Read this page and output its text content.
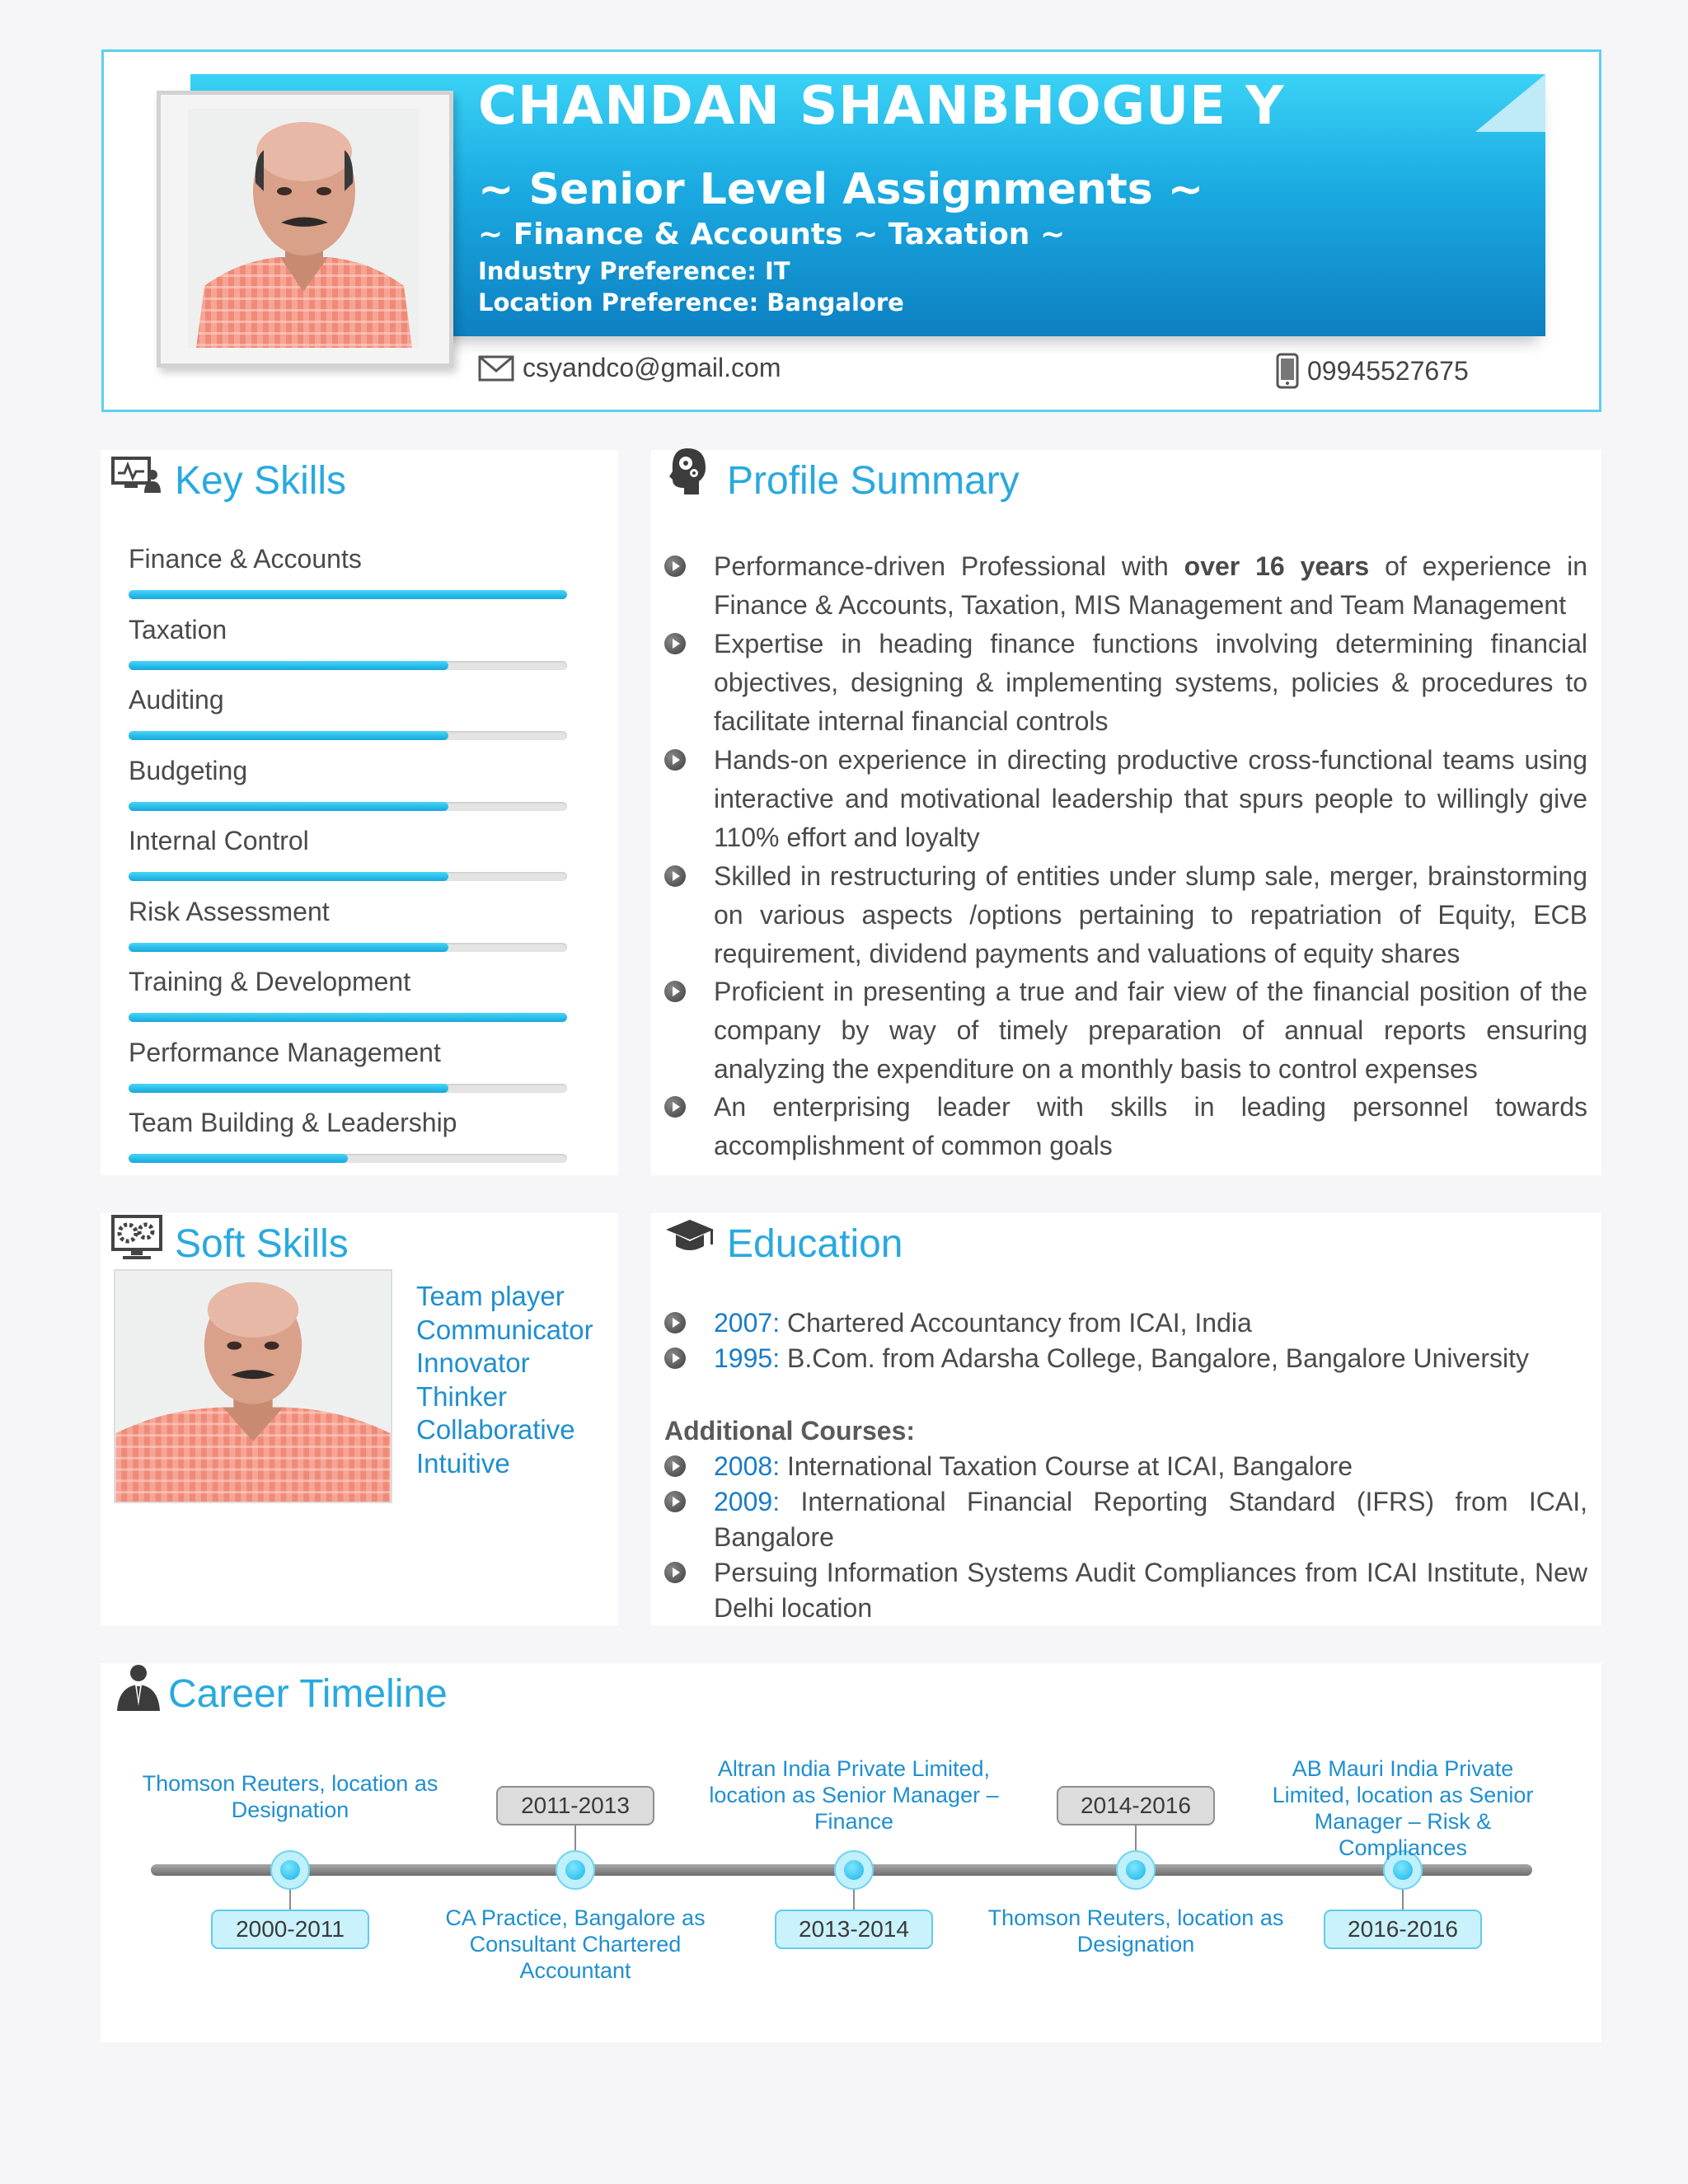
CHANDAN SHANBHOGUE Y
~ Senior Level Assignments ~
~ Finance & Accounts ~ Taxation ~
Industry Preference: IT
Location Preference: Bangalore
csyandco@gmail.com	09945527675
Key Skills
Finance & Accounts
Taxation
Auditing
Budgeting
Internal Control
Risk Assessment
Training & Development
Performance Management
Team Building & Leadership
Profile Summary
Performance-driven Professional with over 16 years of experience in Finance & Accounts, Taxation, MIS Management and Team Management
Expertise in heading finance functions involving determining financial objectives, designing & implementing systems, policies & procedures to facilitate internal financial controls
Hands-on experience in directing productive cross-functional teams using interactive and motivational leadership that spurs people to willingly give 110% effort and loyalty
Skilled in restructuring of entities under slump sale, merger, brainstorming on various aspects /options pertaining to repatriation of Equity, ECB requirement, dividend payments and valuations of equity shares
Proficient in presenting a true and fair view of the financial position of the company by way of timely preparation of annual reports ensuring analyzing the expenditure on a monthly basis to control expenses
An enterprising leader with skills in leading personnel towards accomplishment of common goals
Soft Skills
Team player
Communicator
Innovator
Thinker
Collaborative
Intuitive
Education
2007: Chartered Accountancy from ICAI, India
1995: B.Com. from Adarsha College, Bangalore, Bangalore University
Additional Courses:
2008: International Taxation Course at ICAI, Bangalore
2009: International Financial Reporting Standard (IFRS) from ICAI, Bangalore
Persuing Information Systems Audit Compliances from ICAI Institute, New Delhi location
Career Timeline
2000-2011
Thomson Reuters, location as Designation	2011-2013
CA Practice, Bangalore as Consultant Chartered Accountant
2013-2014
Altran India Private Limited, location as Senior Manager – Finance
2014-2016
Thomson Reuters, location as Designation
2016-2016
AB Mauri India Private Limited, location as Senior Manager – Risk & Compliances
